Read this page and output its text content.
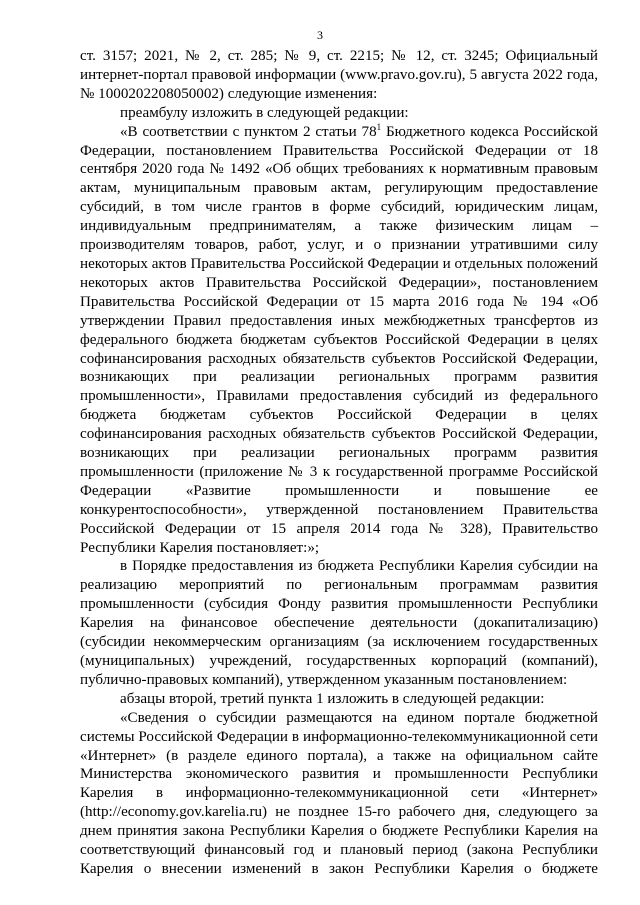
3

ст. 3157; 2021, № 2, ст. 285; № 9, ст. 2215; № 12, ст. 3245; Официальный интернет-портал правовой информации (www.pravo.gov.ru), 5 августа 2022 года, № 1000202208050002) следующие изменения:

преамбулу изложить в следующей редакции:

«В соответствии с пунктом 2 статьи $78^1$ Бюджетного кодекса Российской Федерации, постановлением Правительства Российской Федерации от 18 сентября 2020 года № 1492 «Об общих требованиях к нормативным правовым актам, муниципальным правовым актам, регулирующим предоставление субсидий, в том числе грантов в форме субсидий, юридическим лицам, индивидуальным предпринимателям, а также физическим лицам – производителям товаров, работ, услуг, и о признании утратившими силу некоторых актов Правительства Российской Федерации и отдельных положений некоторых актов Правительства Российской Федерации», постановлением Правительства Российской Федерации от 15 марта 2016 года № 194 «Об утверждении Правил предоставления иных межбюджетных трансфертов из федерального бюджета бюджетам субъектов Российской Федерации в целях софинансирования расходных обязательств субъектов Российской Федерации, возникающих при реализации региональных программ развития промышленности», Правилами предоставления субсидий из федерального бюджета бюджетам субъектов Российской Федерации в целях софинансирования расходных обязательств субъектов Российской Федерации, возникающих при реализации региональных программ развития промышленности (приложение № 3 к государственной программе Российской Федерации «Развитие промышленности и повышение ее конкурентоспособности», утвержденной постановлением Правительства Российской Федерации от 15 апреля 2014 года № 328), Правительство Республики Карелия постановляет:»;

в Порядке предоставления из бюджета Республики Карелия субсидии на реализацию мероприятий по региональным программам развития промышленности (субсидия Фонду развития промышленности Республики Карелия на финансовое обеспечение деятельности (докапитализацию) (субсидии некоммерческим организациям (за исключением государственных (муниципальных) учреждений, государственных корпораций (компаний), публично-правовых компаний), утвержденном указанным постановлением:

абзацы второй, третий пункта 1 изложить в следующей редакции:

«Сведения о субсидии размещаются на едином портале бюджетной системы Российской Федерации в информационно-телекоммуникационной сети «Интернет» (в разделе единого портала), а также на официальном сайте Министерства экономического развития и промышленности Республики Карелия в информационно-телекоммуникационной сети «Интернет» (http://economy.gov.karelia.ru) не позднее 15-го рабочего дня, следующего за днем принятия закона Республики Карелия о бюджете Республики Карелия на соответствующий финансовый год и плановый период (закона Республики Карелия о внесении изменений в закон Республики Карелия о бюджете
